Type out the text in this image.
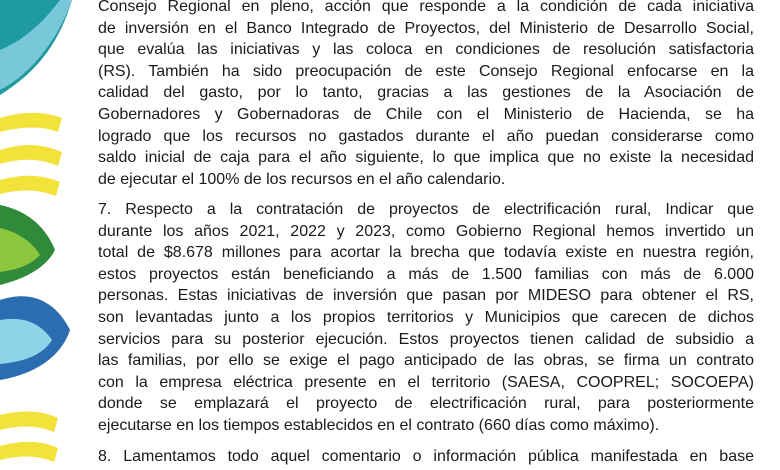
Consejo Regional en pleno, acción que responde a la condición de cada iniciativa
de inversión en el Banco Integrado de Proyectos, del Ministerio de Desarrollo Social,
que evalúa las iniciativas y las coloca en condiciones de resolución satisfactoria
(RS). También ha sido preocupación de este Consejo Regional enfocarse en la
calidad del gasto, por lo tanto, gracias a las gestiones de la Asociación de
Gobernadores y Gobernadoras de Chile con el Ministerio de Hacienda, se ha
logrado que los recursos no gastados durante el año puedan considerarse como
saldo inicial de caja para el año siguiente, lo que implica que no existe la necesidad
de ejecutar el 100% de los recursos en el año calendario.

7. Respecto a la contratación de proyectos de electrificación rural, Indicar que
durante los años 2021, 2022 y 2023, como Gobierno Regional hemos invertido un
total de $8.678 millones para acortar la brecha que todavía existe en nuestra región,
estos proyectos están beneficiando a más de 1.500 familias con más de 6.000
personas. Estas iniciativas de inversión que pasan por MIDESO para obtener el RS,
son levantadas junto a los propios territorios y Municipios que carecen de dichos
servicios para su posterior ejecución. Estos proyectos tienen calidad de subsidio a
las familias, por ello se exige el pago anticipado de las obras, se firma un contrato
con la empresa eléctrica presente en el territorio (SAESA, COOPREL; SOCOEPA)
donde se emplazará el proyecto de electrificación rural, para posteriormente
ejecutarse en los tiempos establecidos en el contrato (660 días como máximo).

8. Lamentamos todo aquel comentario o información pública manifestada en base
